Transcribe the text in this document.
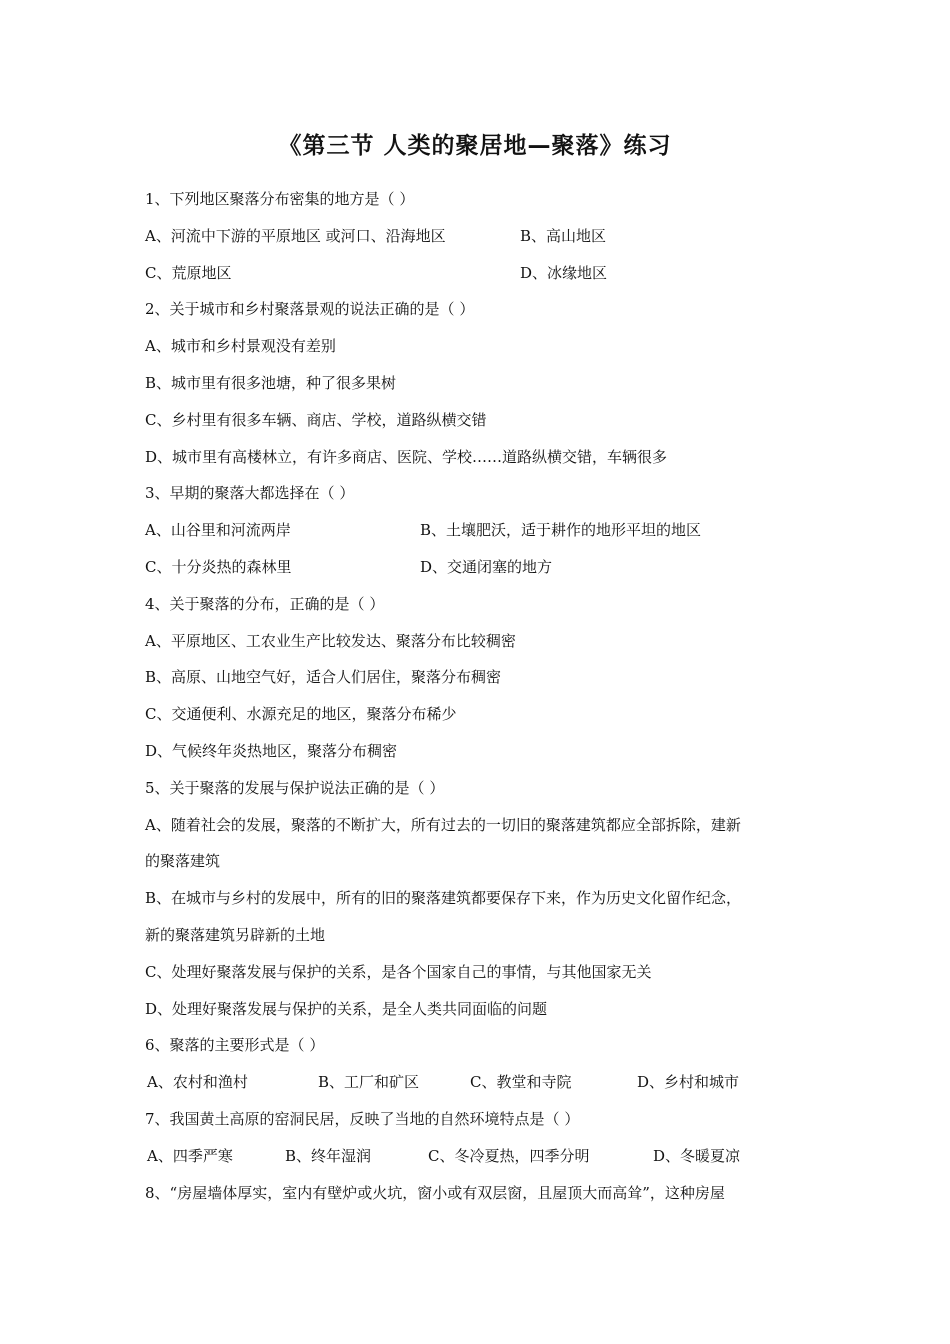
《第三节 人类的聚居地—聚落》练习
1、下列地区聚落分布密集的地方是（ ）
A、河流中下游的平原地区 或河口、沿海地区	B、高山地区
C、荒原地区	D、冰缘地区
2、关于城市和乡村聚落景观的说法正确的是（ ）
A、城市和乡村景观没有差别
B、城市里有很多池塘，种了很多果树
C、乡村里有很多车辆、商店、学校，道路纵横交错
D、城市里有高楼林立，有许多商店、医院、学校……道路纵横交错，车辆很多
3、早期的聚落大都选择在（ ）
A、山谷里和河流两岸	B、土壤肥沃，适于耕作的地形平坦的地区
C、十分炎热的森林里	D、交通闭塞的地方
4、关于聚落的分布，正确的是（ ）
A、平原地区、工农业生产比较发达、聚落分布比较稠密
B、高原、山地空气好，适合人们居住，聚落分布稠密
C、交通便利、水源充足的地区，聚落分布稀少
D、气候终年炎热地区，聚落分布稠密
5、关于聚落的发展与保护说法正确的是（ ）
A、随着社会的发展，聚落的不断扩大，所有过去的一切旧的聚落建筑都应全部拆除，建新
的聚落建筑
B、在城市与乡村的发展中，所有的旧的聚落建筑都要保存下来，作为历史文化留作纪念，
新的聚落建筑另辟新的土地
C、处理好聚落发展与保护的关系，是各个国家自己的事情，与其他国家无关
D、处理好聚落发展与保护的关系，是全人类共同面临的问题
6、聚落的主要形式是（ ）
A、农村和渔村	B、工厂和矿区	C、教堂和寺院	D、乡村和城市
7、我国黄土高原的窑洞民居，反映了当地的自然环境特点是（ ）
A、四季严寒	B、终年湿润	C、冬冷夏热，四季分明	D、冬暖夏凉
8、“房屋墙体厚实，室内有壁炉或火坑，窗小或有双层窗，且屋顶大而高耸”，这种房屋
